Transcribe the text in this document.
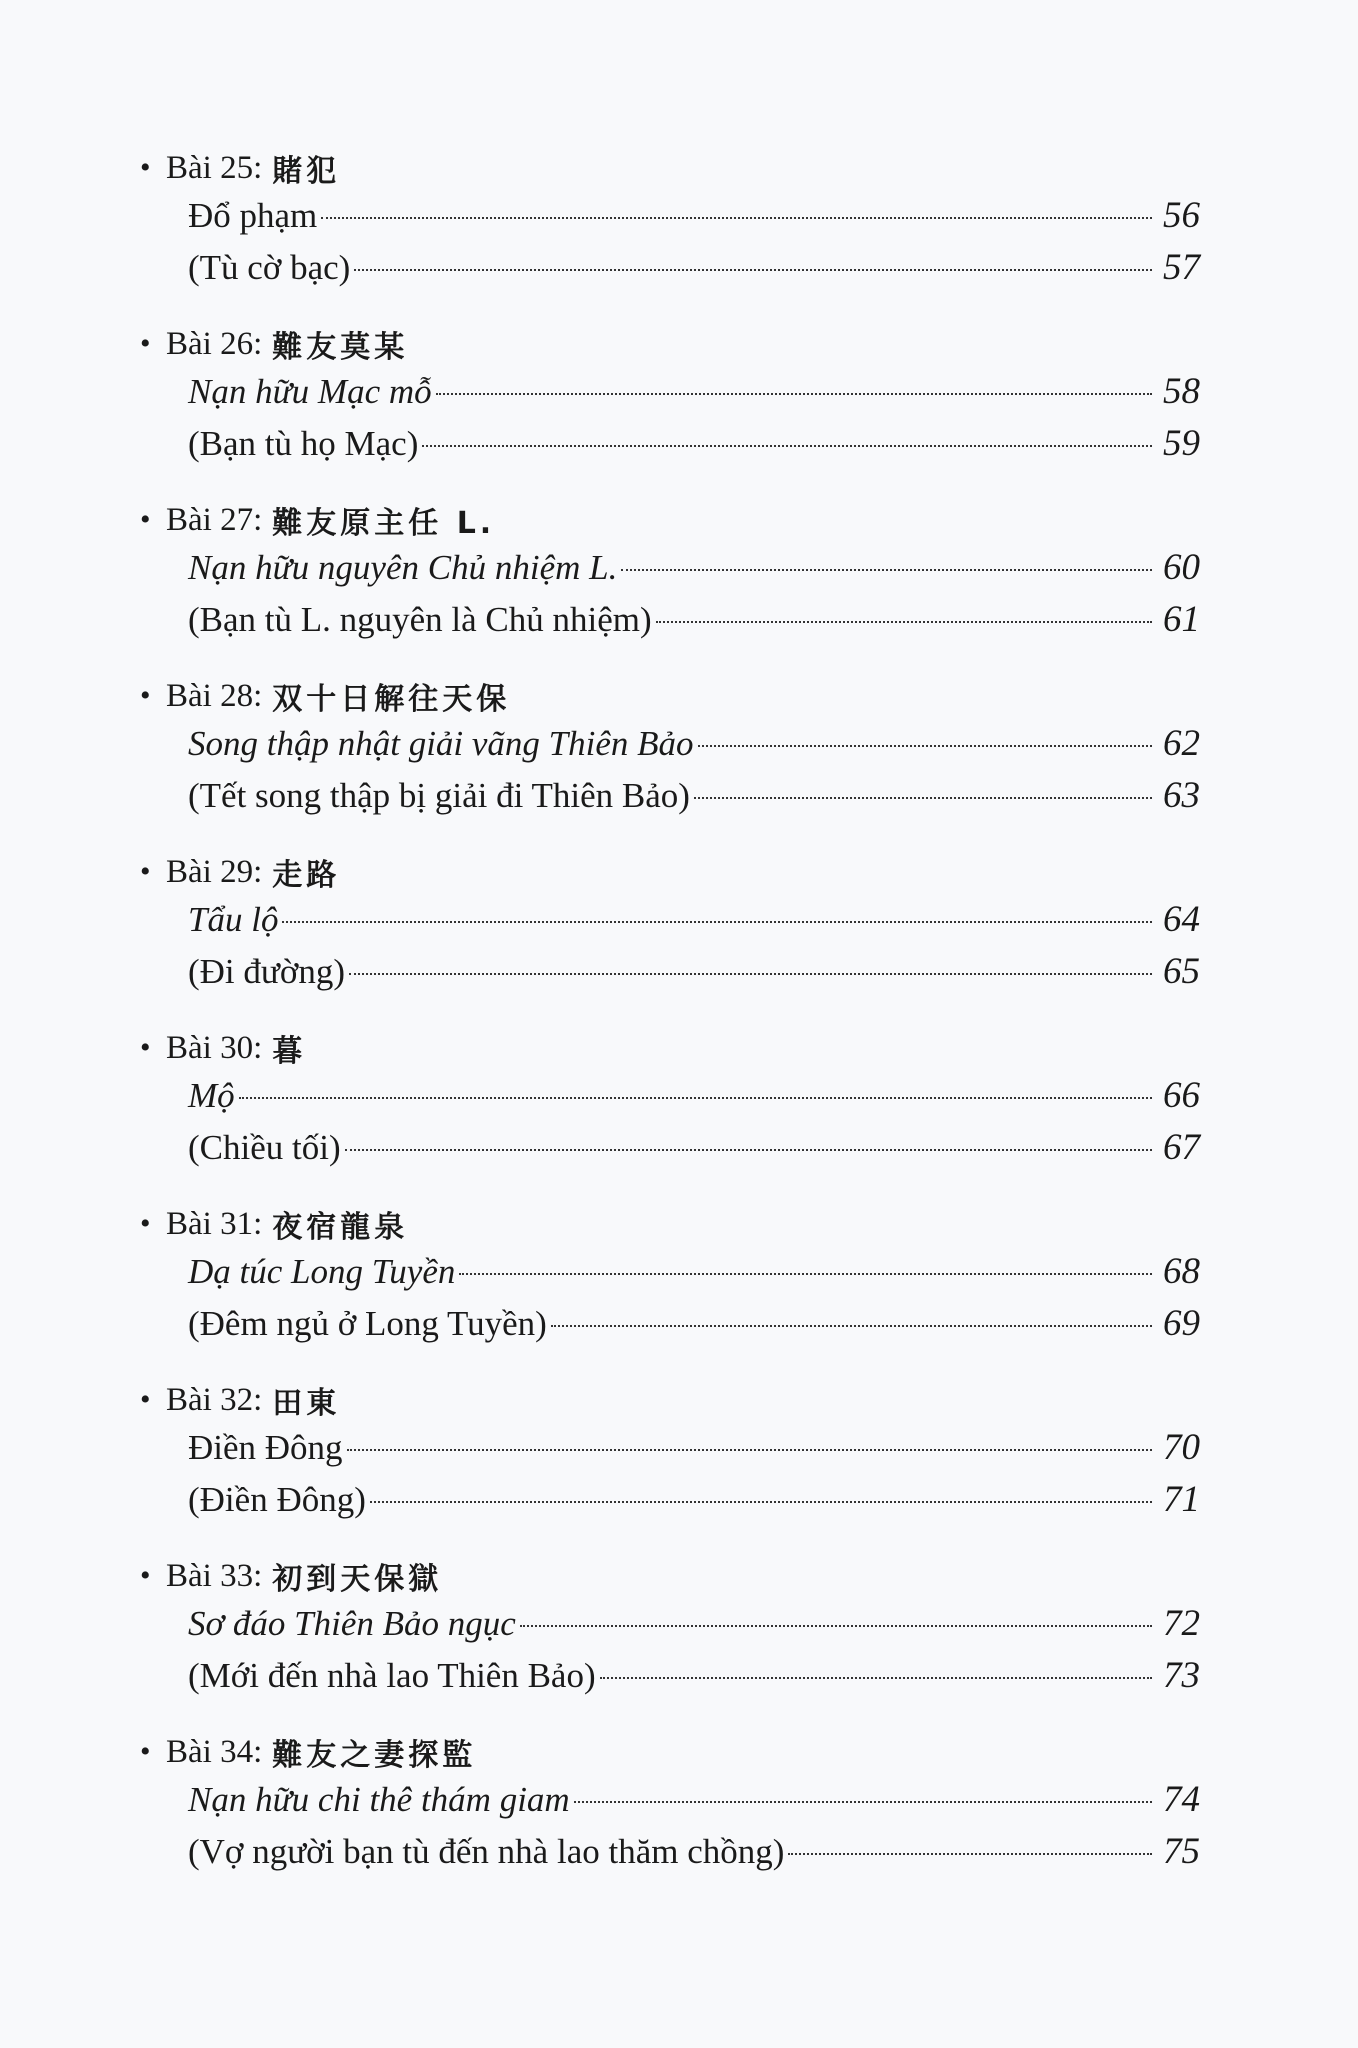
• Bài 25: 賭犯
Đổ phạm	56
(Tù cờ bạc)	57
• Bài 26: 難友莫某
Nạn hữu Mạc mỗ	58
(Bạn tù họ Mạc)	59
• Bài 27: 難友原主任 L.
Nạn hữu nguyên Chủ nhiệm L.	60
(Bạn tù L. nguyên là Chủ nhiệm)	61
• Bài 28: 双十日解往天保
Song thập nhật giải vãng Thiên Bảo	62
(Tết song thập bị giải đi Thiên Bảo)	63
• Bài 29: 走路
Tẩu lộ	64
(Đi đường)	65
• Bài 30: 暮
Mộ	66
(Chiều tối)	67
• Bài 31: 夜宿龍泉
Dạ túc Long Tuyền	68
(Đêm ngủ ở Long Tuyền)	69
• Bài 32: 田東
Điền Đông	70
(Điền Đông)	71
• Bài 33: 初到天保獄
Sơ đáo Thiên Bảo ngục	72
(Mới đến nhà lao Thiên Bảo)	73
• Bài 34: 難友之妻探監
Nạn hữu chi thê thám giam	74
(Vợ người bạn tù đến nhà lao thăm chồng)	75
